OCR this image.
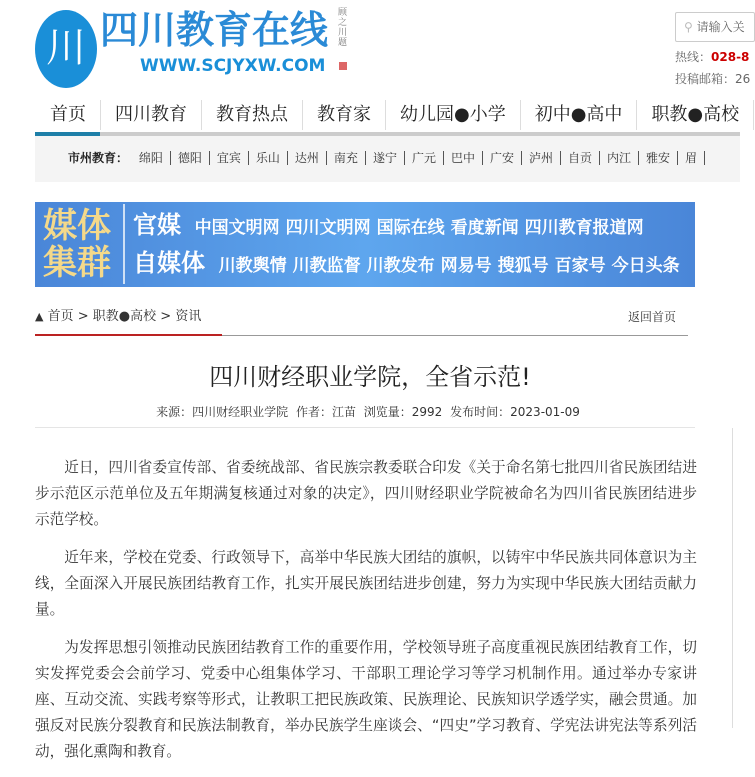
川 四川教育在线
WWW.SCJYXW.COM
顾之川题
⚲ 请输入关
热线：028-8
投稿邮箱：26
首页	四川教育	教育热点	教育家	幼儿园●小学	初中●高中	职教●高校
市州教育： 绵阳 德阳 宜宾 乐山 达州 南充 遂宁 广元 巴中 广安 泸州 自贡 内江 雅安 眉
媒体集群
官媒 中国文明网 四川文明网 国际在线 看度新闻 四川教育报道网
自媒体 川教舆情 川教监督 川教发布 网易号 搜狐号 百家号 今日头条
▲ 首页 > 职教●高校 > 资讯	返回首页
四川财经职业学院，全省示范!
来源：四川财经职业学院 作者：江苗 浏览量：2992 发布时间：2023-01-09

近日，四川省委宣传部、省委统战部、省民族宗教委联合印发《关于命名第七批四川省民族团结进步示范区示范单位及五年期满复核通过对象的决定》，四川财经职业学院被命名为四川省民族团结进步示范学校。

近年来，学校在党委、行政领导下，高举中华民族大团结的旗帜，以铸牢中华民族共同体意识为主线，全面深入开展民族团结教育工作，扎实开展民族团结进步创建，努力为实现中华民族大团结贡献力量。

为发挥思想引领推动民族团结教育工作的重要作用，学校领导班子高度重视民族团结教育工作，切实发挥党委会会前学习、党委中心组集体学习、干部职工理论学习等学习机制作用。通过举办专家讲座、互动交流、实践考察等形式，让教职工把民族政策、民族理论、民族知识学透学实，融会贯通。加强反对民族分裂教育和民族法制教育，举办民族学生座谈会、“四史”学习教育、学宪法讲宪法等系列活动，强化熏陶和教育。
